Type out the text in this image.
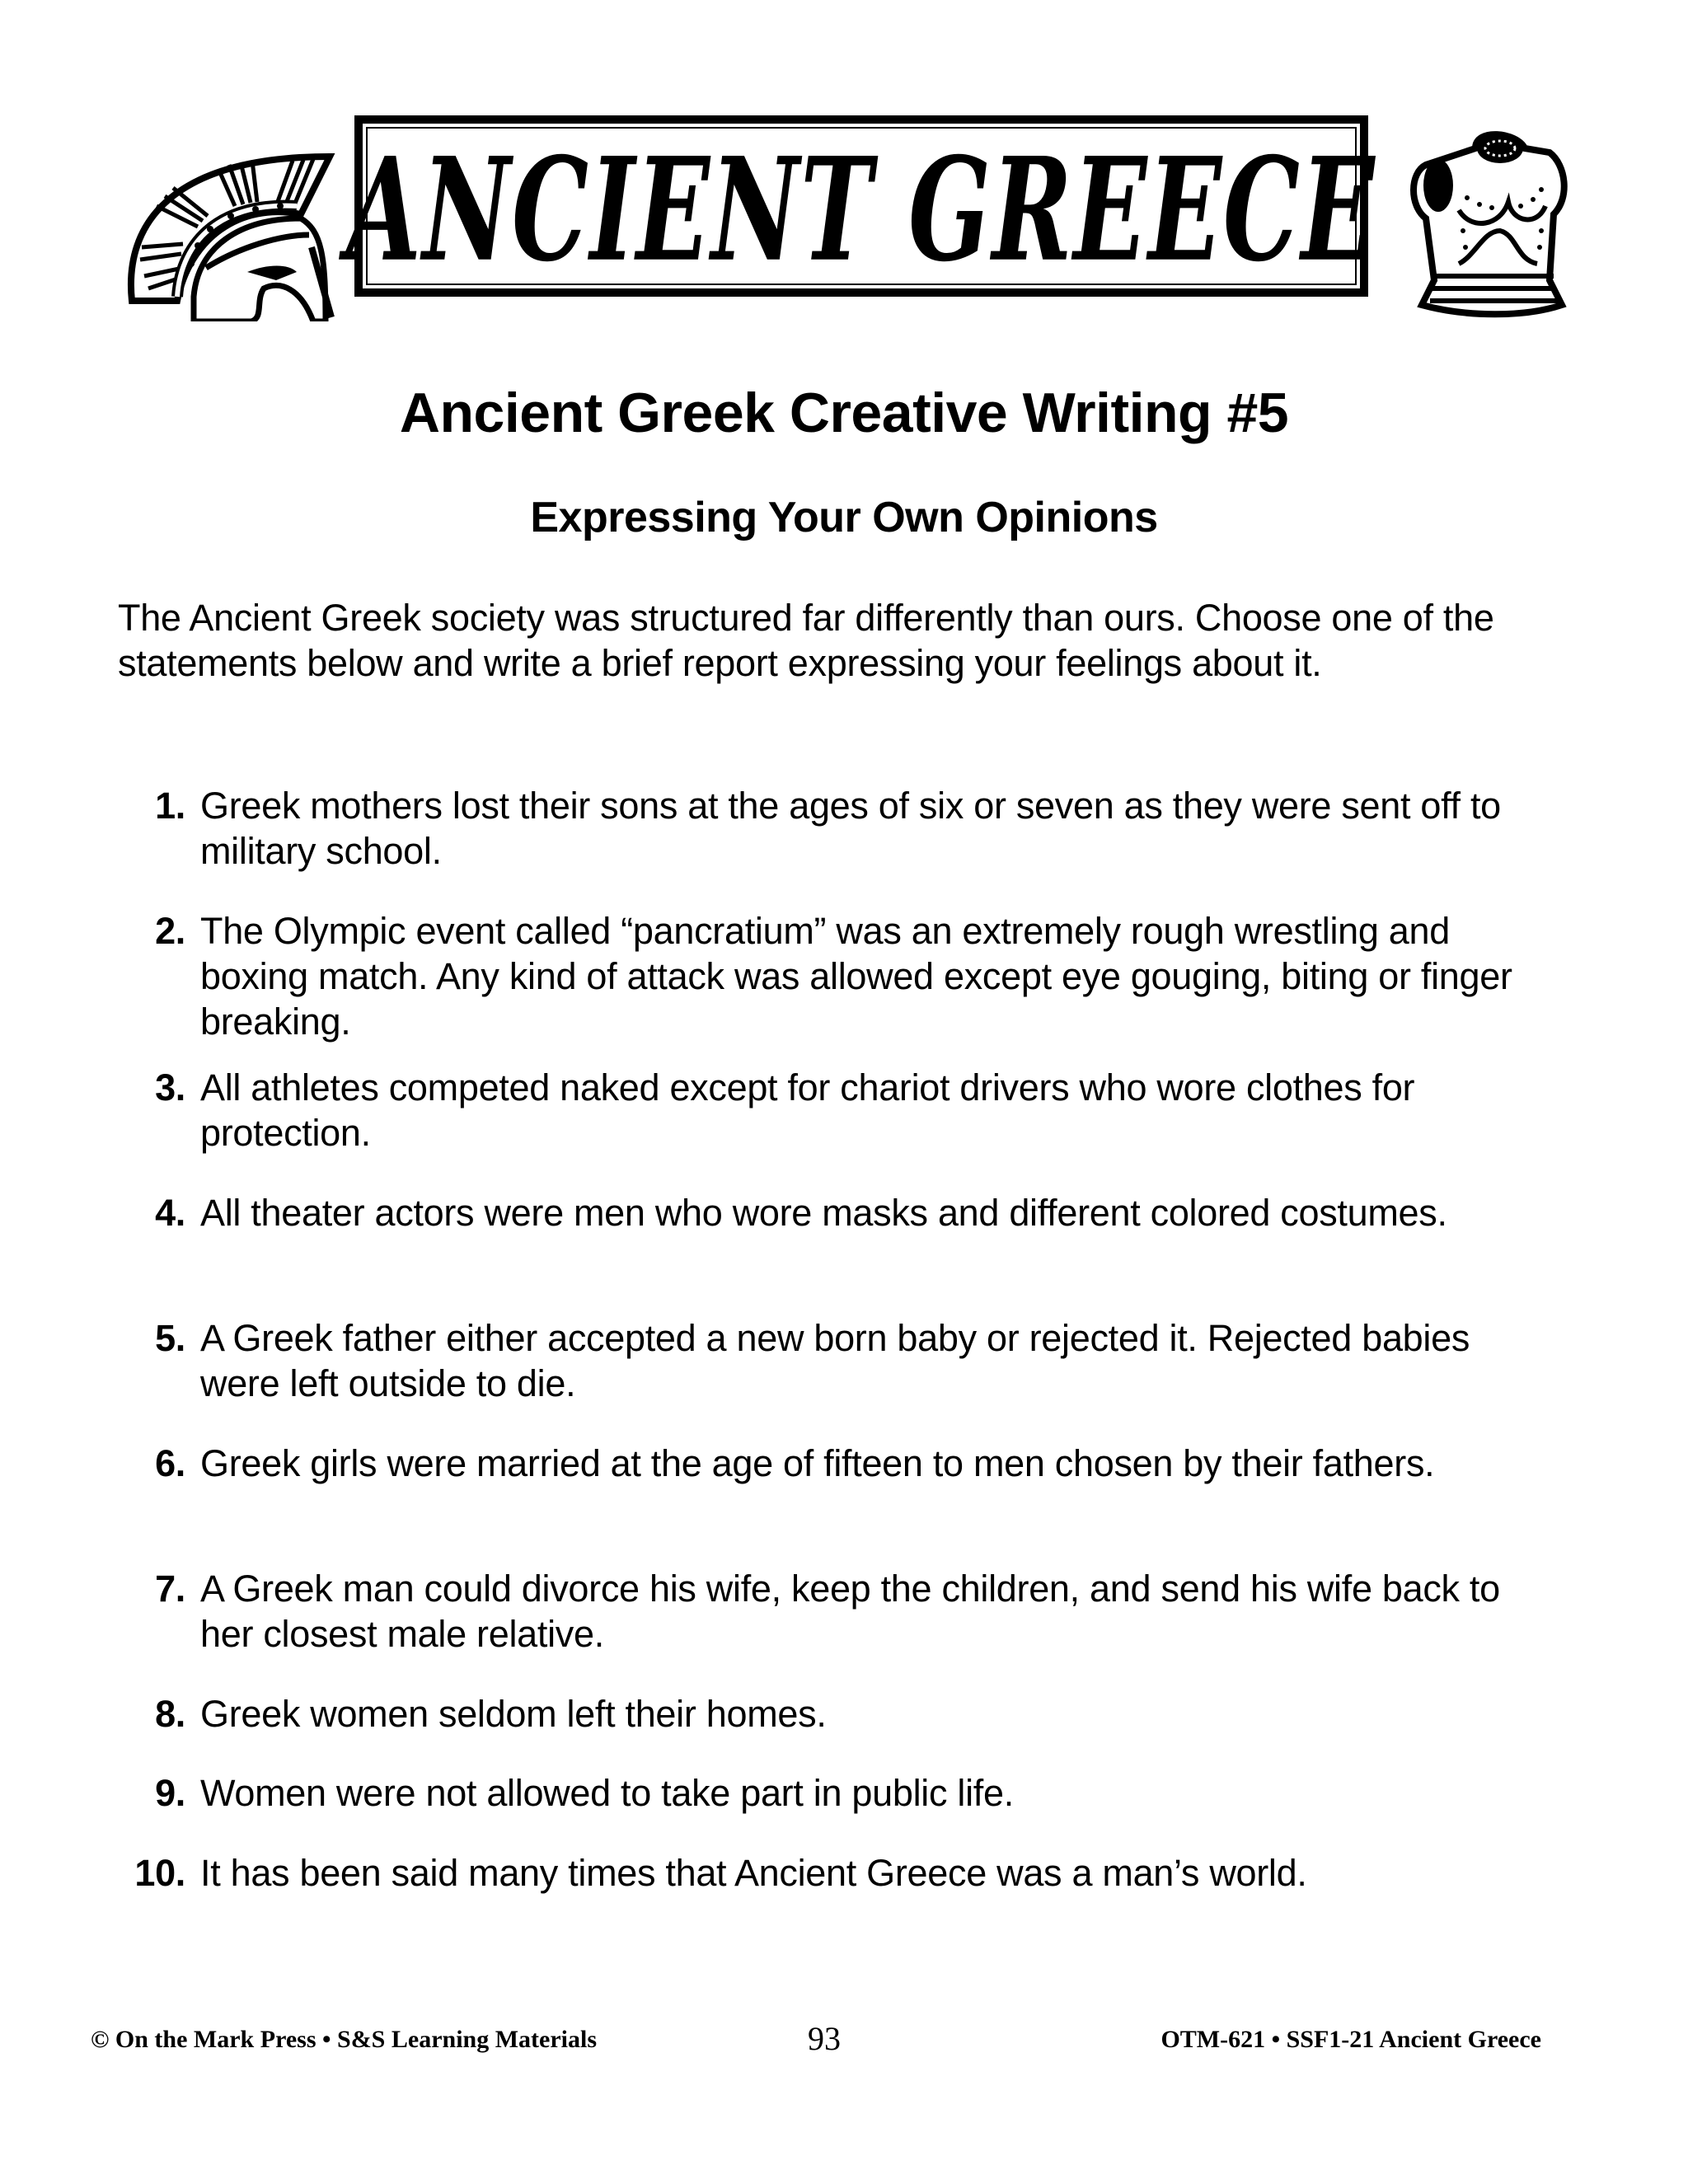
ANCIENT GREECE
Ancient Greek Creative Writing #5
Expressing Your Own Opinions
The Ancient Greek society was structured far differently than ours. Choose one of the statements below and write a brief report expressing your feelings about it.
1. Greek mothers lost their sons at the ages of six or seven as they were sent off to military school.
2. The Olympic event called “pancratium” was an extremely rough wrestling and boxing match. Any kind of attack was allowed except eye gouging, biting or finger breaking.
3. All athletes competed naked except for chariot drivers who wore clothes for protection.
4. All theater actors were men who wore masks and different colored costumes.
5. A Greek father either accepted a new born baby or rejected it. Rejected babies were left outside to die.
6. Greek girls were married at the age of fifteen to men chosen by their fathers.
7. A Greek man could divorce his wife, keep the children, and send his wife back to her closest male relative.
8. Greek women seldom left their homes.
9. Women were not allowed to take part in public life.
10. It has been said many times that Ancient Greece was a man’s world.
© On the Mark Press • S&S Learning Materials	93	OTM-621 • SSF1-21 Ancient Greece
